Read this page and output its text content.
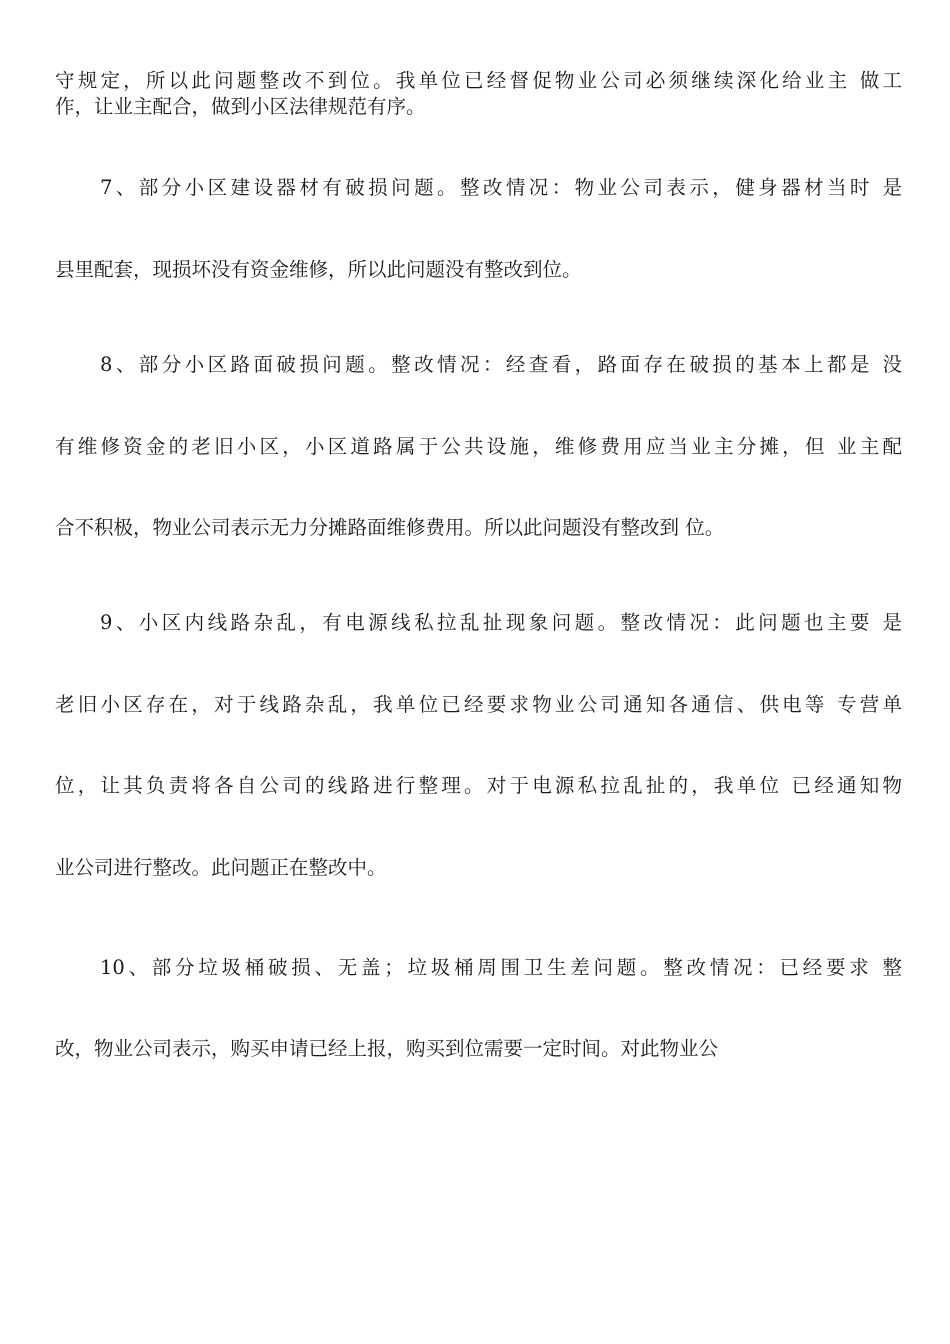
守规定，所以此问题整改不到位。我单位已经督促物业公司必须继续深化给业主 做工
作，让业主配合，做到小区法律规范有序。
7、部分小区建设器材有破损问题。整改情况：物业公司表示，健身器材当时 是
县里配套，现损坏没有资金维修，所以此问题没有整改到位。
8、部分小区路面破损问题。整改情况：经查看，路面存在破损的基本上都是 没
有维修资金的老旧小区，小区道路属于公共设施，维修费用应当业主分摊，但 业主配
合不积极，物业公司表示无力分摊路面维修费用。所以此问题没有整改到 位。
9、小区内线路杂乱，有电源线私拉乱扯现象问题。整改情况：此问题也主要 是
老旧小区存在，对于线路杂乱，我单位已经要求物业公司通知各通信、供电等 专营单
位，让其负责将各自公司的线路进行整理。对于电源私拉乱扯的，我单位 已经通知物
业公司进行整改。此问题正在整改中。
10、部分垃圾桶破损、无盖；垃圾桶周围卫生差问题。整改情况：已经要求 整
改，物业公司表示，购买申请已经上报，购买到位需要一定时间。对此物业公
